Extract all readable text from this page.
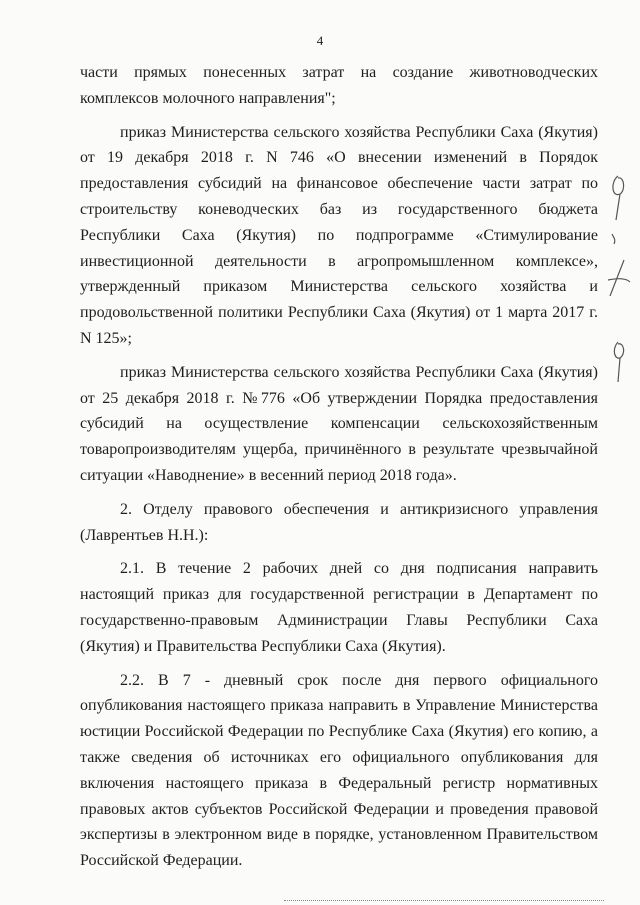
4

части прямых понесенных затрат на создание животноводческих комплексов молочного направления";

приказ Министерства сельского хозяйства Республики Саха (Якутия) от 19 декабря 2018 г. N 746 «О внесении изменений в Порядок предоставления субсидий на финансовое обеспечение части затрат по строительству коневодческих баз из государственного бюджета Республики Саха (Якутия) по подпрограмме «Стимулирование инвестиционной деятельности в агропромышленном комплексе», утвержденный приказом Министерства сельского хозяйства и продовольственной политики Республики Саха (Якутия) от 1 марта 2017 г. N 125»;

приказ Министерства сельского хозяйства Республики Саха (Якутия) от 25 декабря 2018 г. №776 «Об утверждении Порядка предоставления субсидий на осуществление компенсации сельскохозяйственным товаропроизводителям ущерба, причинённого в результате чрезвычайной ситуации «Наводнение» в весенний период 2018 года».

2. Отделу правового обеспечения и антикризисного управления (Лаврентьев Н.Н.):

2.1. В течение 2 рабочих дней со дня подписания направить настоящий приказ для государственной регистрации в Департамент по государственно-правовым Администрации Главы Республики Саха (Якутия) и Правительства Республики Саха (Якутия).

2.2. В 7 - дневный срок после дня первого официального опубликования настоящего приказа направить в Управление Министерства юстиции Российской Федерации по Республике Саха (Якутия) его копию, а также сведения об источниках его официального опубликования для включения настоящего приказа в Федеральный регистр нормативных правовых актов субъектов Российской Федерации и проведения правовой экспертизы в электронном виде в порядке, установленном Правительством Российской Федерации.
